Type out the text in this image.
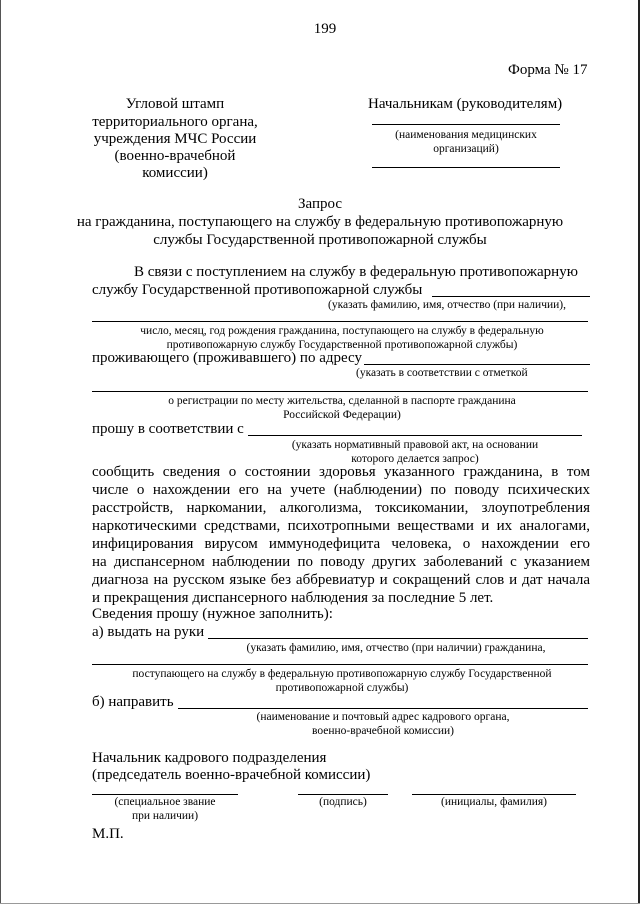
199
Форма № 17
Угловой штамп
территориального органа,
учреждения МЧС России
(военно-врачебной
комиссии)
Начальникам (руководителям)
(наименования медицинских
организаций)
Запрос
на гражданина, поступающего на службу в федеральную противопожарную
службы Государственной противопожарной службы
В связи с поступлением на службу в федеральную противопожарную
службу Государственной противопожарной службы
(указать фамилию, имя, отчество (при наличии),
число, месяц, год рождения гражданина, поступающего на службу в федеральную
противопожарную службу Государственной противопожарной службы)
проживающего (проживавшего) по адресу
(указать в соответствии с отметкой
о регистрации по месту жительства, сделанной в паспорте гражданина
Российской Федерации)
прошу в соответствии с
(указать нормативный правовой акт, на основании
которого делается запрос)
сообщить сведения о состоянии здоровья указанного гражданина, в том
числе о нахождении его на учете (наблюдении) по поводу психических
расстройств, наркомании, алкоголизма, токсикомании, злоупотребления
наркотическими средствами, психотропными веществами и их аналогами,
инфицирования вирусом иммунодефицита человека, о нахождении его
на диспансерном наблюдении по поводу других заболеваний с указанием
диагноза на русском языке без аббревиатур и сокращений слов и дат начала
и прекращения диспансерного наблюдения за последние 5 лет.
Сведения прошу (нужное заполнить):
а) выдать на руки
(указать фамилию, имя, отчество (при наличии) гражданина,
поступающего на службу в федеральную противопожарную службу Государственной
противопожарной службы)
б) направить
(наименование и почтовый адрес кадрового органа,
военно-врачебной комиссии)
Начальник кадрового подразделения
(председатель военно-врачебной комиссии)
(специальное звание
при наличии)
(подпись)	(инициалы, фамилия)
М.П.
